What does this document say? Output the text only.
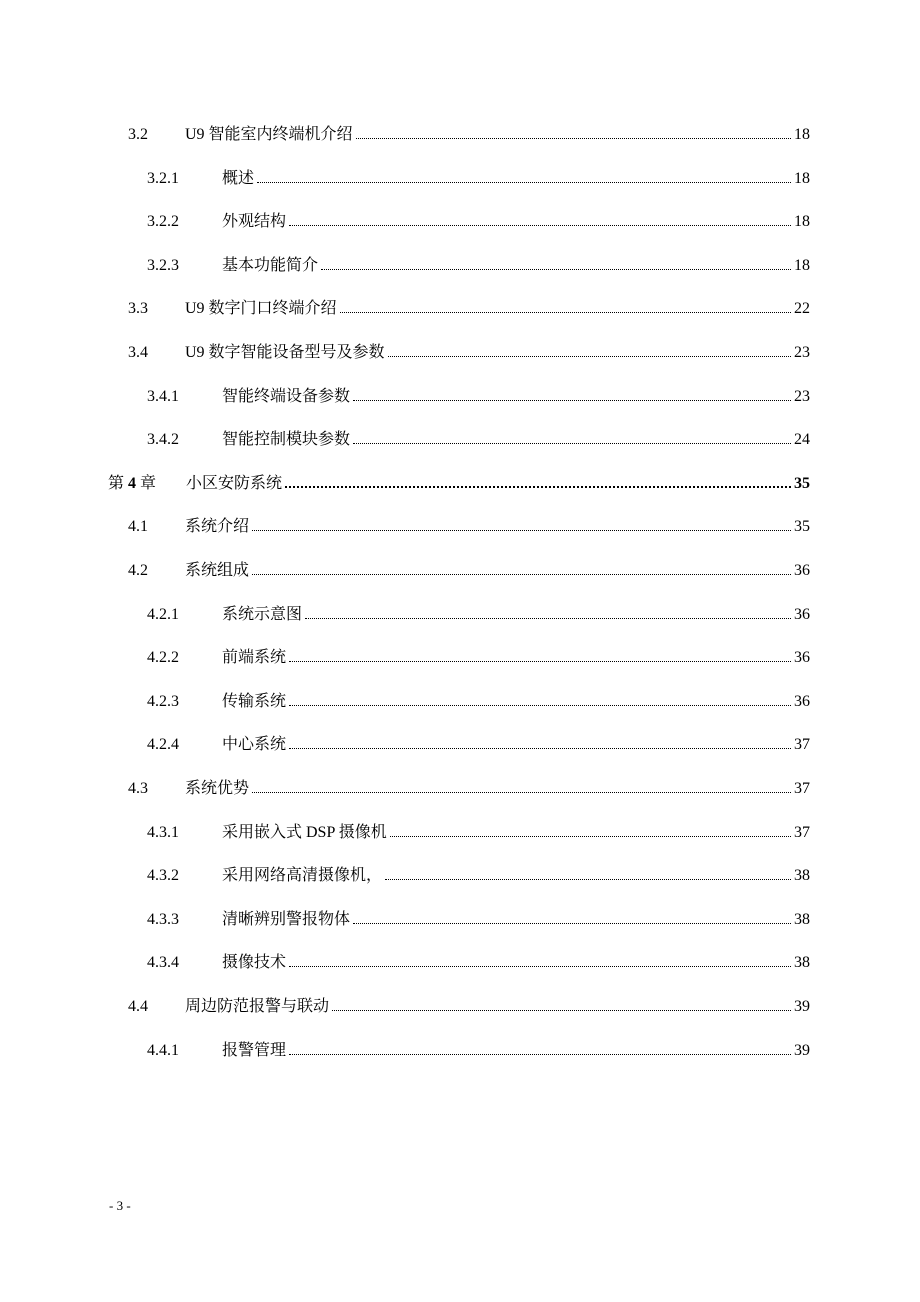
3.2 U9 智能室内终端机介绍	18
3.2.1	概述	18
3.2.2	外观结构	18
3.2.3	基本功能简介	18
3.3 U9 数字门口终端介绍	22
3.4 U9 数字智能设备型号及参数	23
3.4.1	智能终端设备参数	23
3.4.2	智能控制模块参数	24
第 4 章 小区安防系统	35
4.1 系统介绍	35
4.2 系统组成	36
4.2.1	系统示意图	36
4.2.2	前端系统	36
4.2.3	传输系统	36
4.2.4	中心系统	37
4.3 系统优势	37
4.3.1	采用嵌入式 DSP 摄像机	37
4.3.2	采用网络高清摄像机，	38
4.3.3	清晰辨别警报物体	38
4.3.4	摄像技术	38
4.4 周边防范报警与联动	39
4.4.1	报警管理	39
- 3 -
